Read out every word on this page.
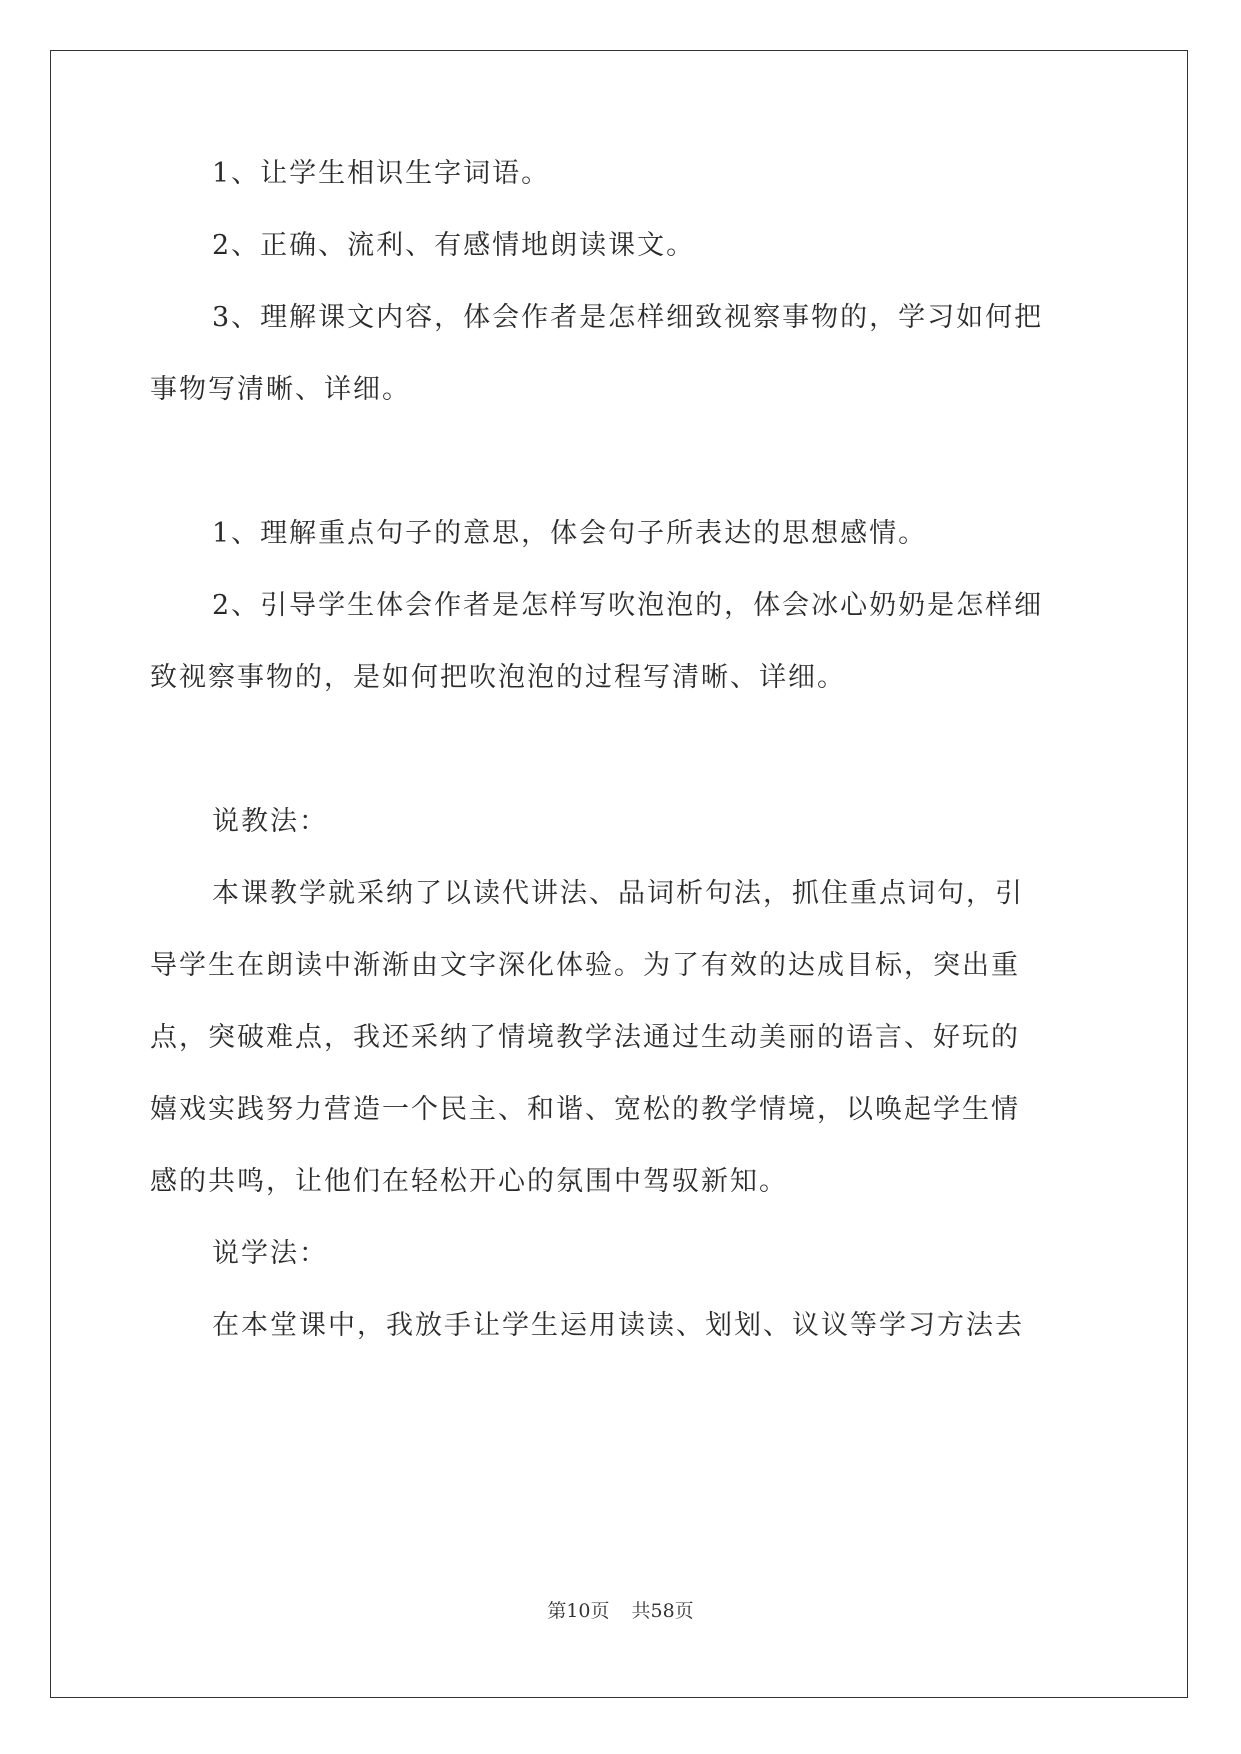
1、让学生相识生字词语。

2、正确、流利、有感情地朗读课文。

3、理解课文内容，体会作者是怎样细致视察事物的，学习如何把

事物写清晰、详细。

1、理解重点句子的意思，体会句子所表达的思想感情。

2、引导学生体会作者是怎样写吹泡泡的，体会冰心奶奶是怎样细

致视察事物的，是如何把吹泡泡的过程写清晰、详细。

说教法：

本课教学就采纳了以读代讲法、品词析句法，抓住重点词句，引

导学生在朗读中渐渐由文字深化体验。为了有效的达成目标，突出重

点，突破难点，我还采纳了情境教学法通过生动美丽的语言、好玩的

嬉戏实践努力营造一个民主、和谐、宽松的教学情境，以唤起学生情

感的共鸣，让他们在轻松开心的氛围中驾驭新知。

说学法：

在本堂课中，我放手让学生运用读读、划划、议议等学习方法去

第10页 共58页
